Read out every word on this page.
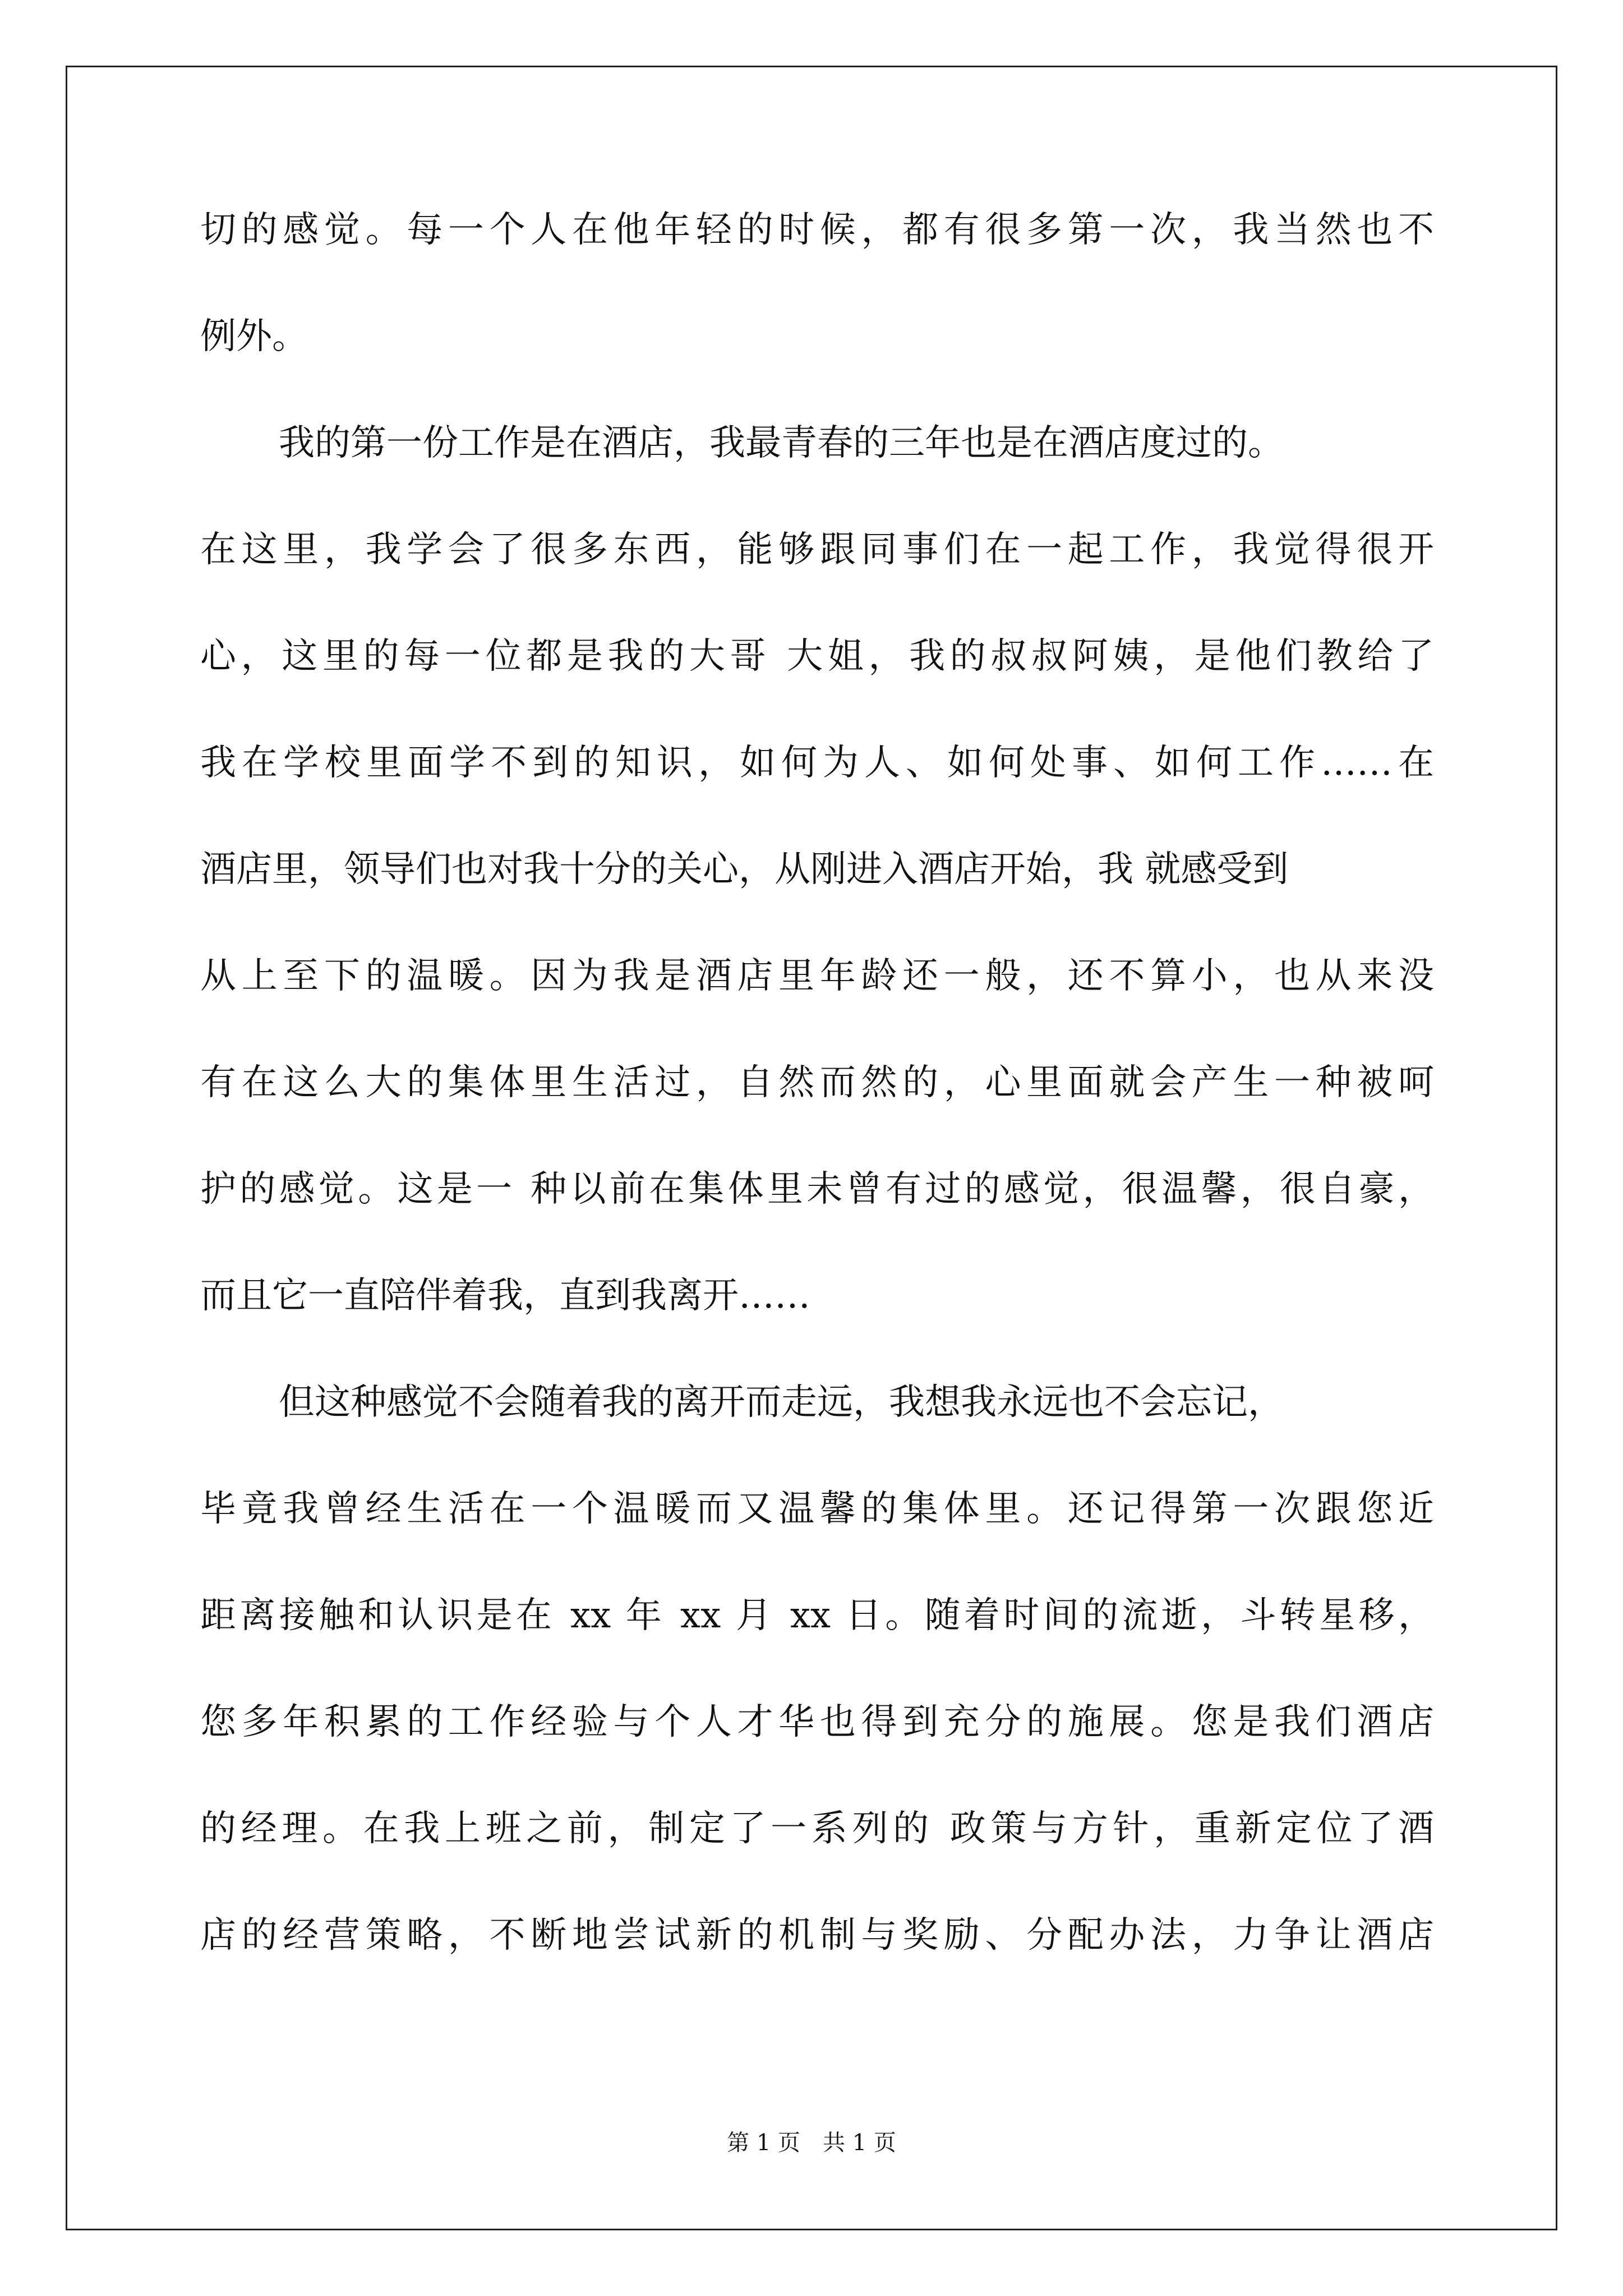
切的感觉。每一个人在他年轻的时候，都有很多第一次，我当然也不
例外。
我的第一份工作是在酒店，我最青春的三年也是在酒店度过的。
在这里，我学会了很多东西，能够跟同事们在一起工作，我觉得很开
心，这里的每一位都是我的大哥 大姐，我的叔叔阿姨，是他们教给了
我在学校里面学不到的知识，如何为人、如何处事、如何工作……在
酒店里，领导们也对我十分的关心，从刚进入酒店开始，我 就感受到
从上至下的温暖。因为我是酒店里年龄还一般，还不算小，也从来没
有在这么大的集体里生活过，自然而然的，心里面就会产生一种被呵
护的感觉。这是一 种以前在集体里未曾有过的感觉，很温馨，很自豪，
而且它一直陪伴着我，直到我离开……
但这种感觉不会随着我的离开而走远，我想我永远也不会忘记，
毕竟我曾经生活在一个温暖而又温馨的集体里。还记得第一次跟您近
距离接触和认识是在 xx 年 xx 月 xx 日。随着时间的流逝，斗转星移，
您多年积累的工作经验与个人才华也得到充分的施展。您是我们酒店
的经理。在我上班之前，制定了一系列的 政策与方针，重新定位了酒
店的经营策略，不断地尝试新的机制与奖励、分配办法，力争让酒店
第 1 页　共 1 页
